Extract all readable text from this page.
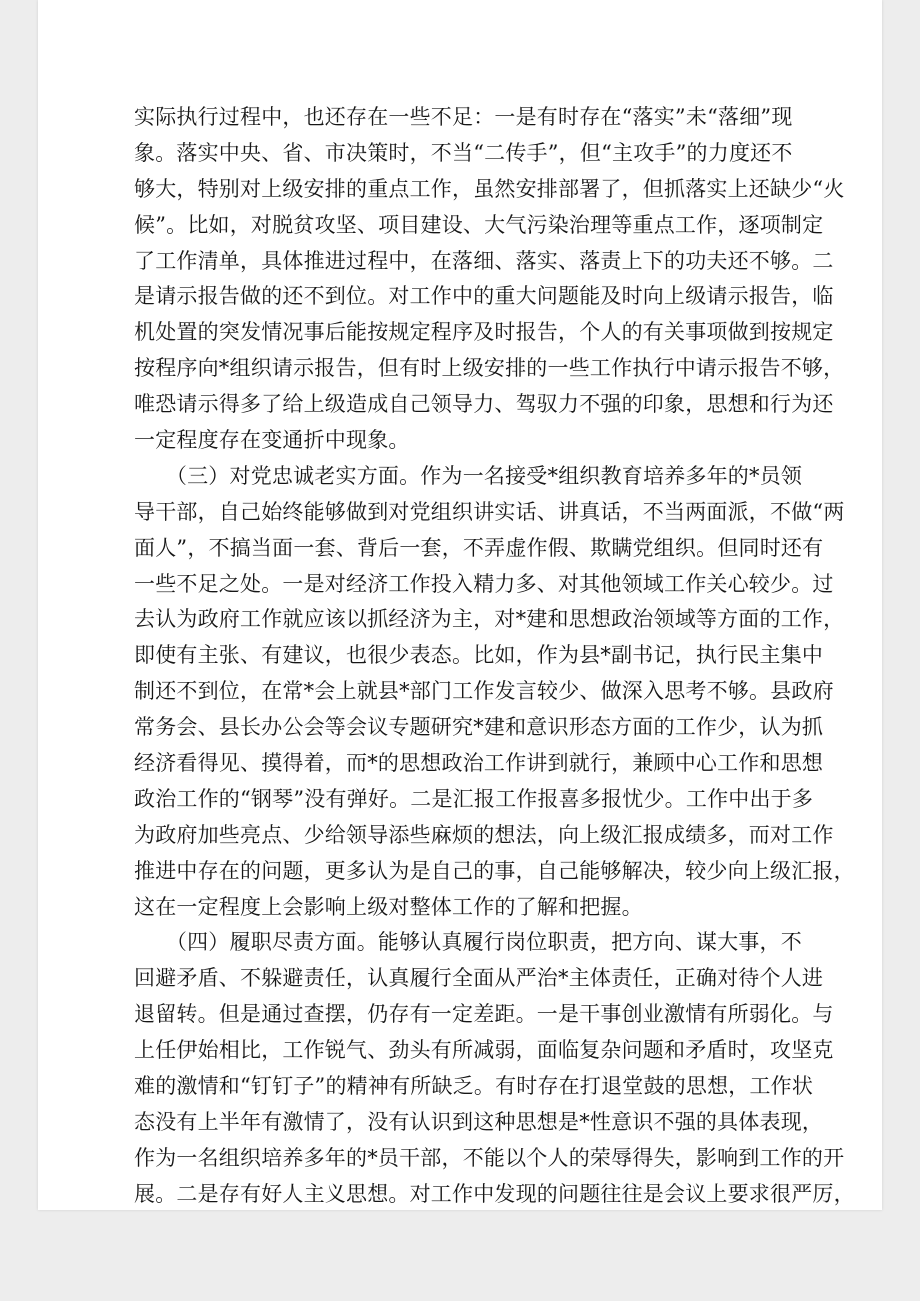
实际执行过程中，也还存在一些不足：一是有时存在“落实”未“落细”现
象。落实中央、省、市决策时，不当“二传手”，但“主攻手”的力度还不
够大，特别对上级安排的重点工作，虽然安排部署了，但抓落实上还缺少“火
候”。比如，对脱贫攻坚、项目建设、大气污染治理等重点工作，逐项制定
了工作清单，具体推进过程中，在落细、落实、落责上下的功夫还不够。二
是请示报告做的还不到位。对工作中的重大问题能及时向上级请示报告，临
机处置的突发情况事后能按规定程序及时报告，个人的有关事项做到按规定
按程序向*组织请示报告，但有时上级安排的一些工作执行中请示报告不够，
唯恐请示得多了给上级造成自己领导力、驾驭力不强的印象，思想和行为还
一定程度存在变通折中现象。
　　（三）对党忠诚老实方面。作为一名接受*组织教育培养多年的*员领
导干部，自己始终能够做到对党组织讲实话、讲真话，不当两面派，不做“两
面人”，不搞当面一套、背后一套，不弄虚作假、欺瞒党组织。但同时还有
一些不足之处。一是对经济工作投入精力多、对其他领域工作关心较少。过
去认为政府工作就应该以抓经济为主，对*建和思想政治领域等方面的工作，
即使有主张、有建议，也很少表态。比如，作为县*副书记，执行民主集中
制还不到位，在常*会上就县*部门工作发言较少、做深入思考不够。县政府
常务会、县长办公会等会议专题研究*建和意识形态方面的工作少，认为抓
经济看得见、摸得着，而*的思想政治工作讲到就行，兼顾中心工作和思想
政治工作的“钢琴”没有弹好。二是汇报工作报喜多报忧少。工作中出于多
为政府加些亮点、少给领导添些麻烦的想法，向上级汇报成绩多，而对工作
推进中存在的问题，更多认为是自己的事，自己能够解决，较少向上级汇报，
这在一定程度上会影响上级对整体工作的了解和把握。
　　（四）履职尽责方面。能够认真履行岗位职责，把方向、谋大事，不
回避矛盾、不躲避责任，认真履行全面从严治*主体责任，正确对待个人进
退留转。但是通过查摆，仍存有一定差距。一是干事创业激情有所弱化。与
上任伊始相比，工作锐气、劲头有所减弱，面临复杂问题和矛盾时，攻坚克
难的激情和“钉钉子”的精神有所缺乏。有时存在打退堂鼓的思想，工作状
态没有上半年有激情了，没有认识到这种思想是*性意识不强的具体表现，
作为一名组织培养多年的*员干部，不能以个人的荣辱得失，影响到工作的开
展。二是存有好人主义思想。对工作中发现的问题往往是会议上要求很严厉，
